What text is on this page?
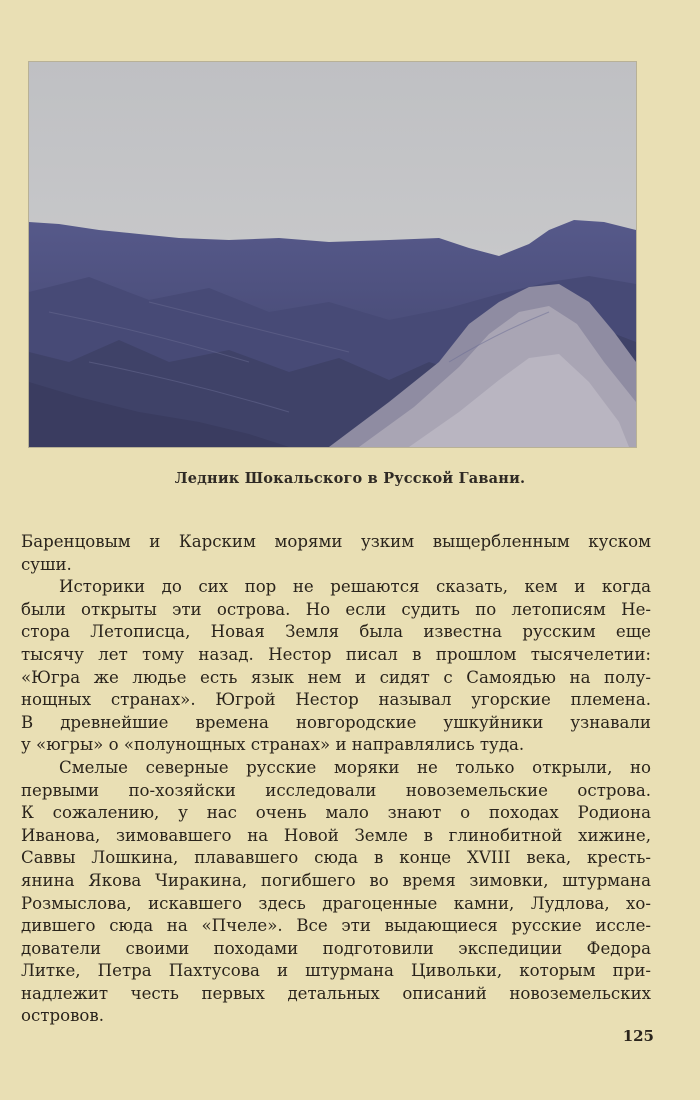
Ледник Шокальского в Русской Гавани.
Баренцовым и Карским морями узким выщербленным куском
суши.
Историки до сих пор не решаются сказать, кем и когда
были открыты эти острова. Но если судить по летописям Не-
стора Летописца, Новая Земля была известна русским еще
тысячу лет тому назад. Нестор писал в прошлом тысячелетии:
«Югра же людье есть язык нем и сидят с Самоядью на полу-
нощных странах». Югрой Нестор называл угорские племена.
В древнейшие времена новгородские ушкуйники узнавали
у «югры» о «полунощных странах» и направлялись туда.
Смелые северные русские моряки не только открыли, но
первыми по-хозяйски исследовали новоземельские острова.
К сожалению, у нас очень мало знают о походах Родиона
Иванова, зимовавшего на Новой Земле в глинобитной хижине,
Саввы Лошкина, плававшего сюда в конце XVIII века, кресть-
янина Якова Чиракина, погибшего во время зимовки, штурмана
Розмыслова, искавшего здесь драгоценные камни, Лудлова, хо-
дившего сюда на «Пчеле». Все эти выдающиеся русские иссле-
дователи своими походами подготовили экспедиции Федора
Литке, Петра Пахтусова и штурмана Цивольки, которым при-
надлежит честь первых детальных описаний новоземельских
островов.
125
